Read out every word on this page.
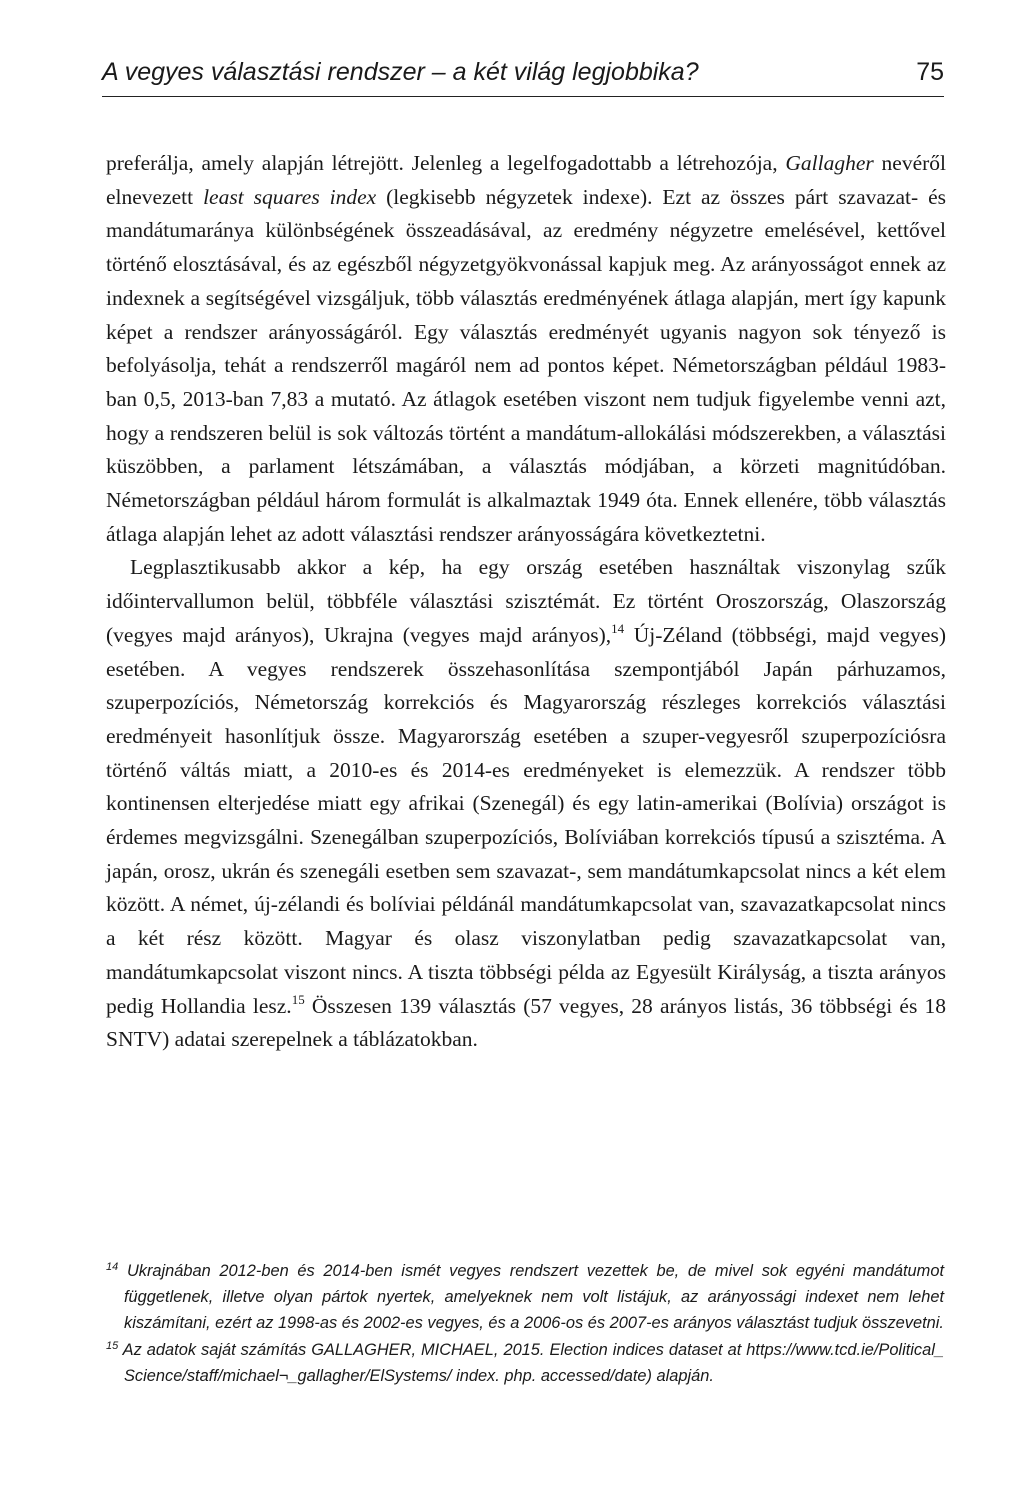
A vegyes választási rendszer – a két világ legjobbika?	75

preferálja, amely alapján létrejött. Jelenleg a legelfogadottabb a létrehozója, Gallagher nevéről elnevezett least squares index (legkisebb négyzetek indexe). Ezt az összes párt szavazat- és mandátumaránya különbségének összeadásával, az eredmény négyzetre emelésével, kettővel történő elosztásával, és az egészből négyzetgyökvonással kapjuk meg. Az arányosságot ennek az indexnek a segítségével vizsgáljuk, több választás eredményének átlaga alapján, mert így kapunk képet a rendszer arányosságáról. Egy választás eredményét ugyanis nagyon sok tényező is befolyásolja, tehát a rendszerről magáról nem ad pontos képet. Németországban például 1983-ban 0,5, 2013-ban 7,83 a mutató. Az átlagok esetében viszont nem tudjuk figyelembe venni azt, hogy a rendszeren belül is sok változás történt a mandátum-allokálási módszerekben, a választási küszöbben, a parlament létszámában, a választás módjában, a körzeti magnitúdóban. Németországban például három formulát is alkalmaztak 1949 óta. Ennek ellenére, több választás átlaga alapján lehet az adott választási rendszer arányosságára következtetni.

Legplasztikusabb akkor a kép, ha egy ország esetében használtak viszonylag szűk időintervallumon belül, többféle választási szisztémát. Ez történt Oroszország, Olaszország (vegyes majd arányos), Ukrajna (vegyes majd arányos),$^{14}$ Új-Zéland (többségi, majd vegyes) esetében. A vegyes rendszerek összehasonlítása szempontjából Japán párhuzamos, szuperpozíciós, Németország korrekciós és Magyarország részleges korrekciós választási eredményeit hasonlítjuk össze. Magyarország esetében a szuper-vegyesről szuperpozíciósra történő váltás miatt, a 2010-es és 2014-es eredményeket is elemezzük. A rendszer több kontinensen elterjedése miatt egy afrikai (Szenegál) és egy latin-amerikai (Bolívia) országot is érdemes megvizsgálni. Szenegálban szuperpozíciós, Bolíviában korrekciós típusú a szisztéma. A japán, orosz, ukrán és szenegáli esetben sem szavazat-, sem mandátumkapcsolat nincs a két elem között. A német, új-zélandi és bolíviai példánál mandátumkapcsolat van, szavazatkapcsolat nincs a két rész között. Magyar és olasz viszonylatban pedig szavazatkapcsolat van, mandátumkapcsolat viszont nincs. A tiszta többségi példa az Egyesült Királyság, a tiszta arányos pedig Hollandia lesz.$^{15}$ Összesen 139 választás (57 vegyes, 28 arányos listás, 36 többségi és 18 SNTV) adatai szerepelnek a táblázatokban.

$^{14}$ Ukrajnában 2012-ben és 2014-ben ismét vegyes rendszert vezettek be, de mivel sok egyéni mandátumot függetlenek, illetve olyan pártok nyertek, amelyeknek nem volt listájuk, az arányossági indexet nem lehet kiszámítani, ezért az 1998-as és 2002-es vegyes, és a 2006-os és 2007-es arányos választást tudjuk összevetni.

$^{15}$ Az adatok saját számítás GALLAGHER, MICHAEL, 2015. Election indices dataset at https://www.tcd.ie/Political_ Science/staff/michael¬_gallagher/ElSystems/ index. php. accessed/date) alapján.
